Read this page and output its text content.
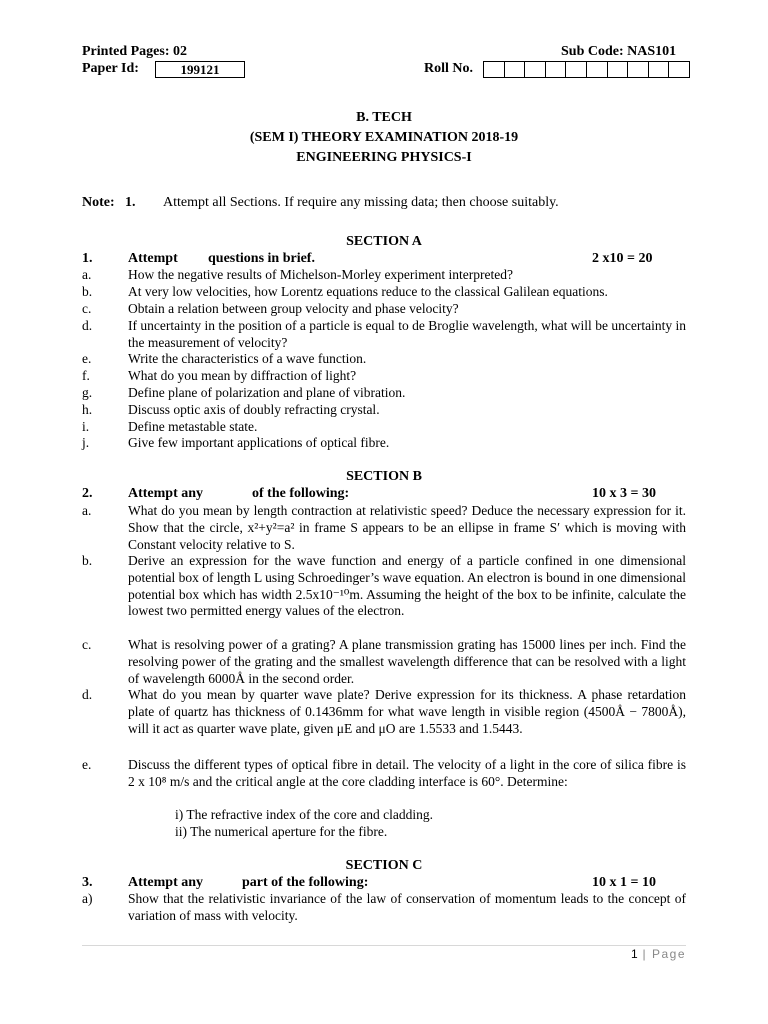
Printed Pages: 02	Sub Code: NAS101
Paper Id:	199121	Roll No.
B. TECH
(SEM I) THEORY EXAMINATION 2018-19
ENGINEERING PHYSICS-I
Note: 1. Attempt all Sections. If require any missing data; then choose suitably.
SECTION A
1.	Attempt questions in brief.	2 x10 = 20
a.	How the negative results of Michelson-Morley experiment interpreted?
b.	At very low velocities, how Lorentz equations reduce to the classical Galilean equations.
c.	Obtain a relation between group velocity and phase velocity?
d.	If uncertainty in the position of a particle is equal to de Broglie wavelength, what will be uncertainty in the measurement of velocity?
e.	Write the characteristics of a wave function.
f.	What do you mean by diffraction of light?
g.	Define plane of polarization and plane of vibration.
h.	Discuss optic axis of doubly refracting crystal.
i.	Define metastable state.
j.	Give few important applications of optical fibre.
SECTION B
2.	Attempt any	of the following:	10 x 3 = 30
a.	What do you mean by length contraction at relativistic speed? Deduce the necessary expression for it. Show that the circle, x²+y²=a² in frame S appears to be an ellipse in frame S′ which is moving with Constant velocity relative to S.
b.	Derive an expression for the wave function and energy of a particle confined in one dimensional potential box of length L using Schroedinger’s wave equation. An electron is bound in one dimensional potential box which has width 2.5x10⁻¹⁰m. Assuming the height of the box to be infinite, calculate the lowest two permitted energy values of the electron.
c.	What is resolving power of a grating? A plane transmission grating has 15000 lines per inch. Find the resolving power of the grating and the smallest wavelength difference that can be resolved with a light of wavelength 6000Å in the second order.
d.	What do you mean by quarter wave plate? Derive expression for its thickness. A phase retardation plate of quartz has thickness of 0.1436mm for what wave length in visible region (4500Å − 7800Å), will it act as quarter wave plate, given μE and μO are 1.5533 and 1.5443.
e.	Discuss the different types of optical fibre in detail. The velocity of a light in the core of silica fibre is 2 x 10⁸ m/s and the critical angle at the core cladding interface is 60°. Determine:
i) The refractive index of the core and cladding.
ii) The numerical aperture for the fibre.
SECTION C
3.	Attempt any	part of the following:	10 x 1 = 10
a)	Show that the relativistic invariance of the law of conservation of momentum leads to the concept of variation of mass with velocity.
1 | Page
